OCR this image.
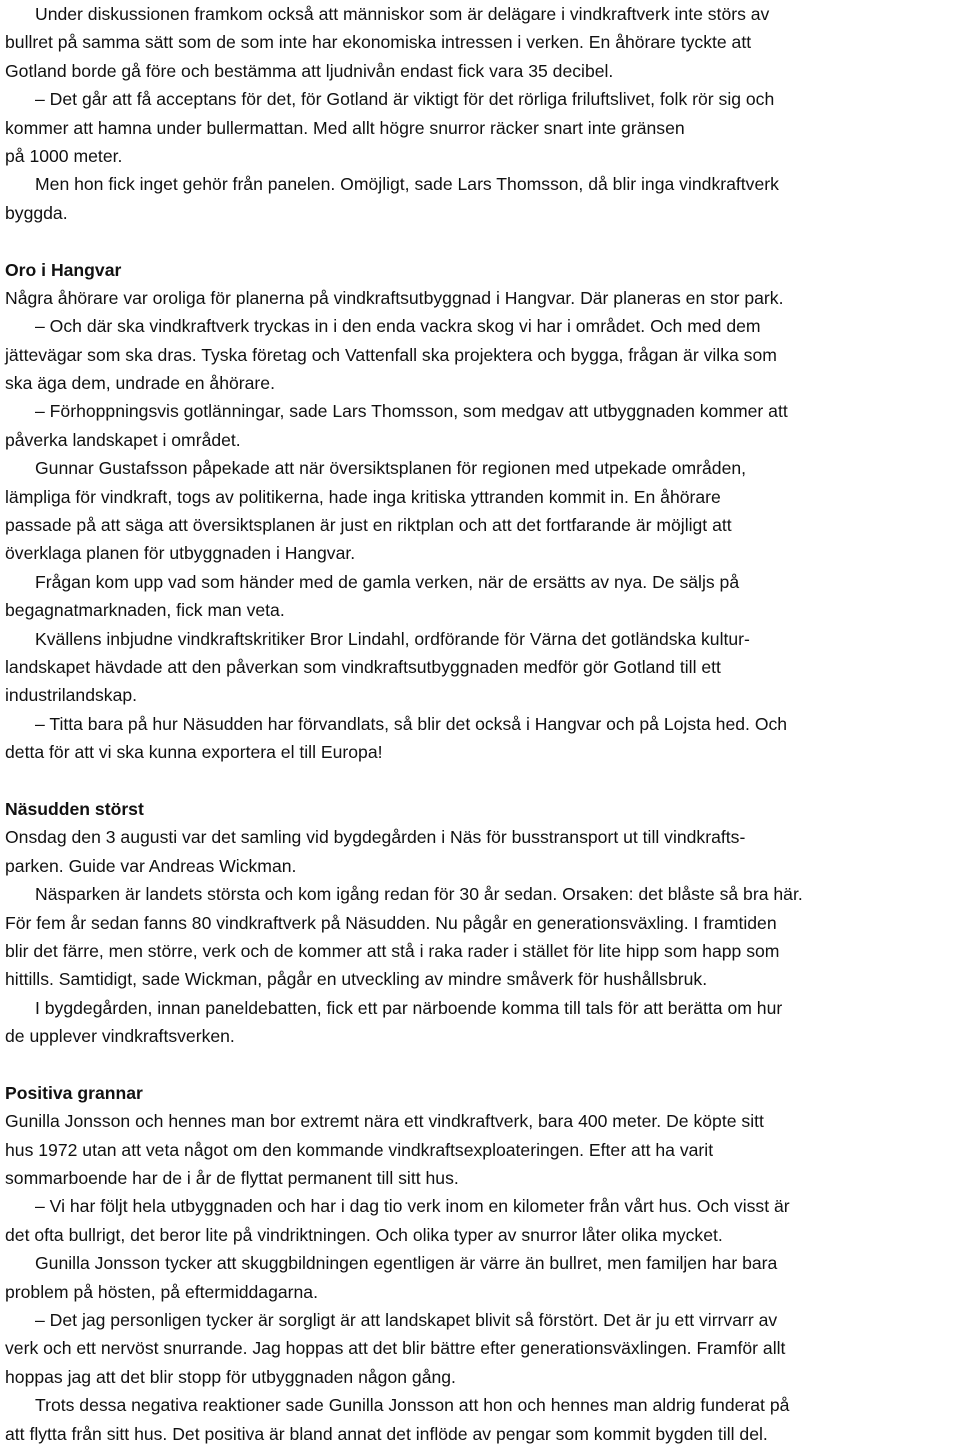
Under diskussionen framkom också att människor som är delägare i vindkraftverk inte störs av
bullret på samma sätt som de som inte har ekonomiska intressen i verken. En åhörare tyckte att
Gotland borde gå före och bestämma att ljudnivån endast fick vara 35 decibel.
– Det går att få acceptans för det, för Gotland är viktigt för det rörliga friluftslivet, folk rör sig och
kommer att hamna under bullermattan. Med allt högre snurror räcker snart inte gränsen
på 1000 meter.
Men hon fick inget gehör från panelen. Omöjligt, sade Lars Thomsson, då blir inga vindkraftverk
byggda.
Oro i Hangvar
Några åhörare var oroliga för planerna på vindkraftsutbyggnad i Hangvar. Där planeras en stor park.
– Och där ska vindkraftverk tryckas in i den enda vackra skog vi har i området. Och med dem
jättevägar som ska dras. Tyska företag och Vattenfall ska projektera och bygga, frågan är vilka som
ska äga dem, undrade en åhörare.
– Förhoppningsvis gotlänningar, sade Lars Thomsson, som medgav att utbyggnaden kommer att
påverka landskapet i området.
Gunnar Gustafsson påpekade att när översiktsplanen för regionen med utpekade områden,
lämpliga för vindkraft, togs av politikerna, hade inga kritiska yttranden kommit in. En åhörare
passade på att säga att översiktsplanen är just en riktplan och att det fortfarande är möjligt att
överklaga planen för utbyggnaden i Hangvar.
Frågan kom upp vad som händer med de gamla verken, när de ersätts av nya. De säljs på
begagnatmarknaden, fick man veta.
Kvällens inbjudne vindkraftskritiker Bror Lindahl, ordförande för Värna det gotländska kultur-
landskapet hävdade att den påverkan som vindkraftsutbyggnaden medför gör Gotland till ett
industrilandskap.
– Titta bara på hur Näsudden har förvandlats, så blir det också i Hangvar och på Lojsta hed. Och
detta för att vi ska kunna exportera el till Europa!
Näsudden störst
Onsdag den 3 augusti var det samling vid bygdegården i Näs för busstransport ut till vindkrafts-
parken. Guide var Andreas Wickman.
Näsparken är landets största och kom igång redan för 30 år sedan. Orsaken: det blåste så bra här.
För fem år sedan fanns 80 vindkraftverk på Näsudden. Nu pågår en generationsväxling. I framtiden
blir det färre, men större, verk och de kommer att stå i raka rader i stället för lite hipp som happ som
hittills. Samtidigt, sade Wickman, pågår en utveckling av mindre småverk för hushållsbruk.
I bygdegården, innan paneldebatten, fick ett par närboende komma till tals för att berätta om hur
de upplever vindkraftsverken.
Positiva grannar
Gunilla Jonsson och hennes man bor extremt nära ett vindkraftverk, bara 400 meter. De köpte sitt
hus 1972 utan att veta något om den kommande vindkraftsexploateringen. Efter att ha varit
sommarboende har de i år de flyttat permanent till sitt hus.
– Vi har följt hela utbyggnaden och har i dag tio verk inom en kilometer från vårt hus. Och visst är
det ofta bullrigt, det beror lite på vindriktningen. Och olika typer av snurror låter olika mycket.
Gunilla Jonsson tycker att skuggbildningen egentligen är värre än bullret, men familjen har bara
problem på hösten, på eftermiddagarna.
– Det jag personligen tycker är sorgligt är att landskapet blivit så förstört. Det är ju ett virrvarr av
verk och ett nervöst snurrande. Jag hoppas att det blir bättre efter generationsväxlingen. Framför allt
hoppas jag att det blir stopp för utbyggnaden någon gång.
Trots dessa negativa reaktioner sade Gunilla Jonsson att hon och hennes man aldrig funderat på
att flytta från sitt hus. Det positiva är bland annat det inflöde av pengar som kommit bygden till del.
